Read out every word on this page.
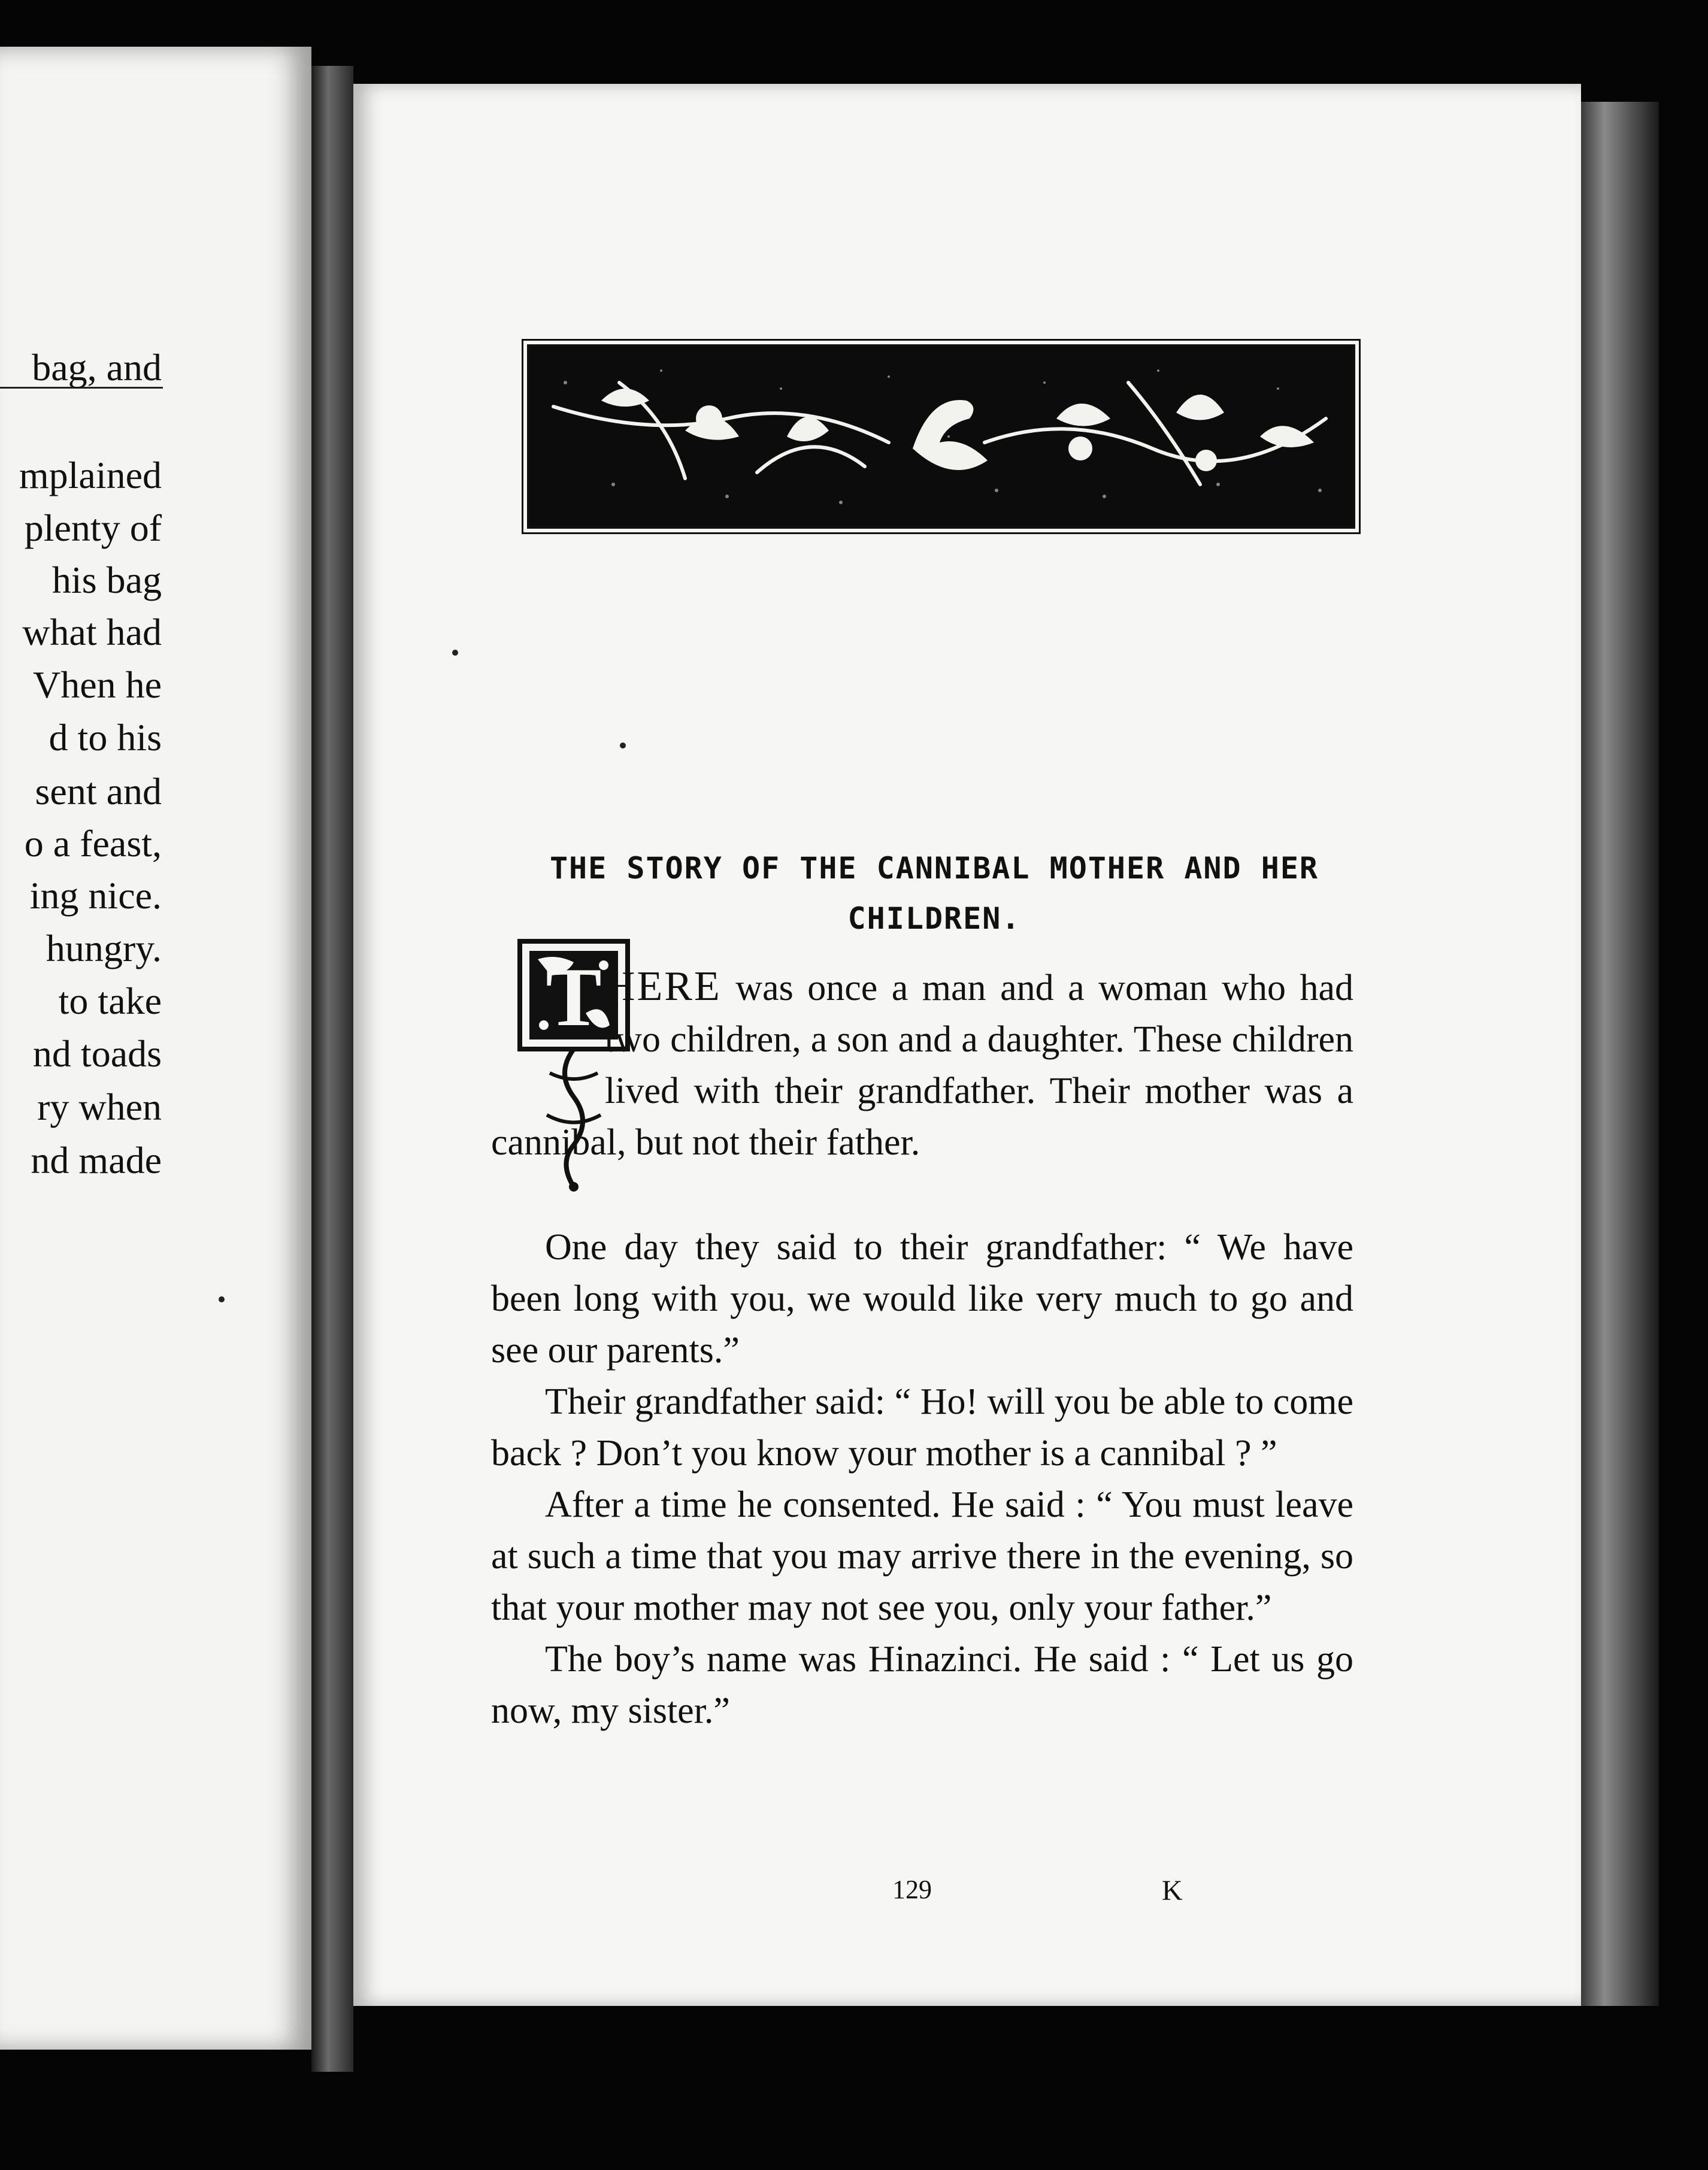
bag, and
mplained
plenty of
his bag
what had
Vhen he
d to his
sent and
o a feast,
ing nice.
hungry.
to take
nd toads
ry when
nd made
THE STORY OF THE CANNIBAL MOTHER AND HER
CHILDREN.
T HERE was once a man and a woman who had two children, a son and a daughter. These children lived with their grandfather. Their mother was a cannibal, but not their father.

One day they said to their grandfather: “ We have been long with you, we would like very much to go and see our parents.”

Their grandfather said: “ Ho! will you be able to come back ? Don’t you know your mother is a cannibal ? ”

After a time he consented. He said : “ You must leave at such a time that you may arrive there in the evening, so that your mother may not see you, only your father.”

The boy’s name was Hinazinci. He said : “ Let us go now, my sister.”

129	K
